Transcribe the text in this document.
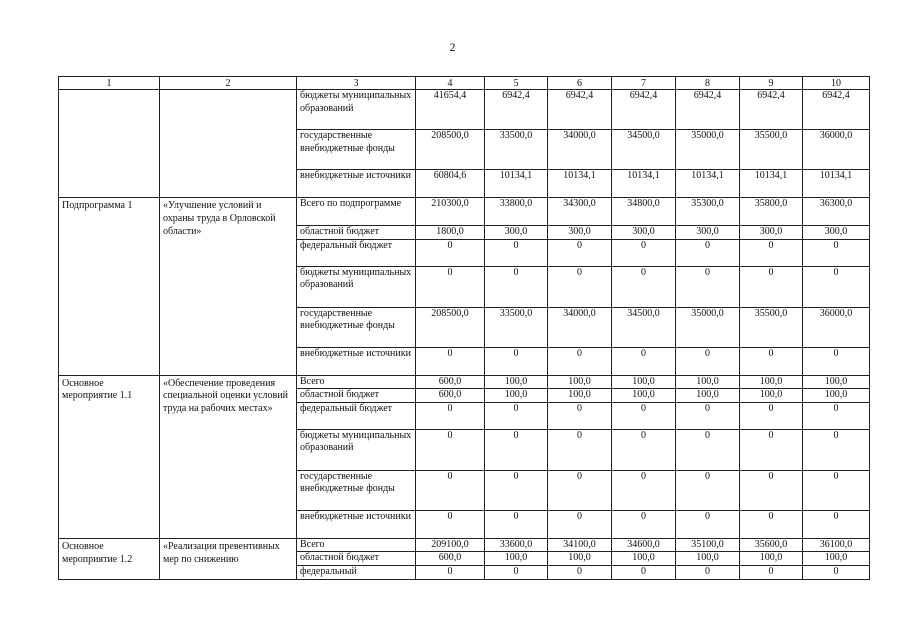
2
1	2	3	4	5	6	7	8	9	10
		бюджеты муниципальных образований	41654,4	6942,4	6942,4	6942,4	6942,4	6942,4	6942,4
		государственные внебюджетные фонды	208500,0	33500,0	34000,0	34500,0	35000,0	35500,0	36000,0
		внебюджетные источники	60804,6	10134,1	10134,1	10134,1	10134,1	10134,1	10134,1
Подпрограмма 1	«Улучшение условий и охраны труда в Орловской области»	Всего по подпрограмме	210300,0	33800,0	34300,0	34800,0	35300,0	35800,0	36300,0
		областной бюджет	1800,0	300,0	300,0	300,0	300,0	300,0	300,0
		федеральный бюджет	0	0	0	0	0	0	0
		бюджеты муниципальных образований	0	0	0	0	0	0	0
		государственные внебюджетные фонды	208500,0	33500,0	34000,0	34500,0	35000,0	35500,0	36000,0
		внебюджетные источники	0	0	0	0	0	0	0
Основное мероприятие 1.1	«Обеспечение проведения специальной оценки условий труда на рабочих местах»	Всего	600,0	100,0	100,0	100,0	100,0	100,0	100,0
		областной бюджет	600,0	100,0	100,0	100,0	100,0	100,0	100,0
		федеральный бюджет	0	0	0	0	0	0	0
		бюджеты муниципальных образований	0	0	0	0	0	0	0
		государственные внебюджетные фонды	0	0	0	0	0	0	0
		внебюджетные источники	0	0	0	0	0	0	0
Основное мероприятие 1.2	«Реализация превентивных мер по снижению	Всего	209100,0	33600,0	34100,0	34600,0	35100,0	35600,0	36100,0
		областной бюджет	600,0	100,0	100,0	100,0	100,0	100,0	100,0
		федеральный	0	0	0	0	0	0	0
